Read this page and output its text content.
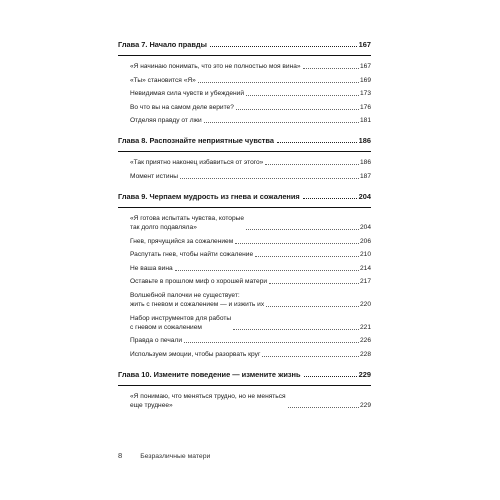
Глава 7. Начало правды	167
«Я начинаю понимать, что это не полностью моя вина»	167
«Ты» становится «Я»	169
Невидимая сила чувств и убеждений	173
Во что вы на самом деле верите?	176
Отделяя правду от лжи	181
Глава 8. Распознайте неприятные чувства	186
«Так приятно наконец избавиться от этого»	186
Момент истины	187
Глава 9. Черпаем мудрость из гнева и сожаления	204
«Я готова испытать чувства, которые
так долго подавляла»	204
Гнев, прячущийся за сожалением	206
Распутать гнев, чтобы найти сожаление	210
Не ваша вина	214
Оставьте в прошлом миф о хорошей матери	217
Волшебной палочки не существует:
жить с гневом и сожалением — и изжить их	220
Набор инструментов для работы
с гневом и сожалением	221
Правда о печали	226
Используем эмоции, чтобы разорвать круг	228
Глава 10. Измените поведение — измените жизнь	229
«Я понимаю, что меняться трудно, но не меняться
еще труднее»	229
8	Безразличные матери
